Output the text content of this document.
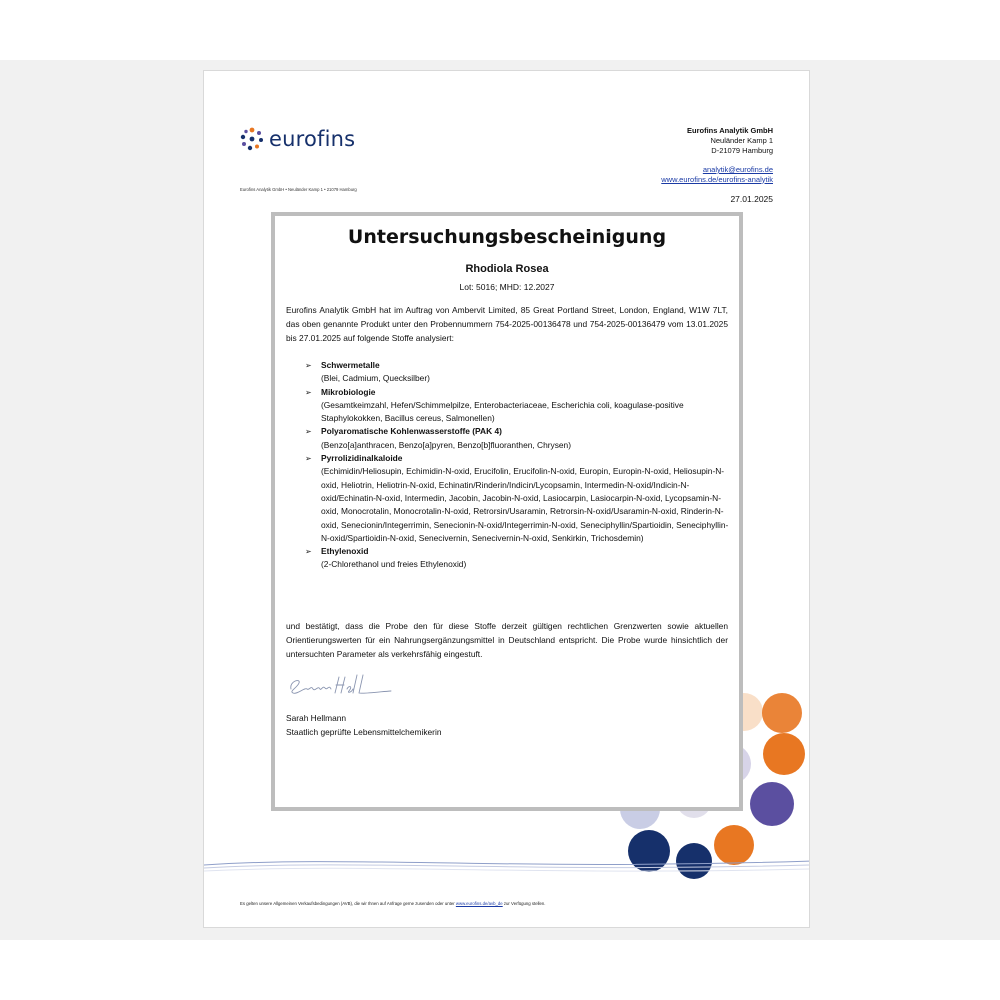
eurofins	Eurofins Analytik GmbH
Neuländer Kamp 1
D-21079 Hamburg
analytik@eurofins.de
www.eurofins.de/eurofins-analytik
Eurofins Analytik GmbH • Neuländer Kamp 1 • 21079 Hamburg
27.01.2025
Untersuchungsbescheinigung
Rhodiola Rosea
Lot: 5016; MHD: 12.2027

Eurofins Analytik GmbH hat im Auftrag von Ambervit Limited, 85 Great Portland Street, London, England, W1W 7LT, das oben genannte Produkt unter den Probennummern 754-2025-00136478 und 754-2025-00136479 vom 13.01.2025 bis 27.01.2025 auf folgende Stoffe analysiert:

➢ Schwermetalle
(Blei, Cadmium, Quecksilber)
➢ Mikrobiologie
(Gesamtkeimzahl, Hefen/Schimmelpilze, Enterobacteriaceae, Escherichia coli, koagulase-positive Staphylokokken, Bacillus cereus, Salmonellen)
➢ Polyaromatische Kohlenwasserstoffe (PAK 4)
(Benzo[a]anthracen, Benzo[a]pyren, Benzo[b]fluoranthen, Chrysen)
➢ Pyrrolizidinalkaloide
(Echimidin/Heliosupin, Echimidin-N-oxid, Erucifolin, Erucifolin-N-oxid, Europin, Europin-N-oxid, Heliosupin-N-oxid, Heliotrin, Heliotrin-N-oxid, Echinatin/Rinderin/Indicin/Lycopsamin, Intermedin-N-oxid/Indicin-N-oxid/Echinatin-N-oxid, Intermedin, Jacobin, Jacobin-N-oxid, Lasiocarpin, Lasiocarpin-N-oxid, Lycopsamin-N-oxid, Monocrotalin, Monocrotalin-N-oxid, Retrorsin/Usaramin, Retrorsin-N-oxid/Usaramin-N-oxid, Rinderin-N-oxid, Senecionin/Integerrimin, Senecionin-N-oxid/Integerrimin-N-oxid, Seneciphyllin/Spartioidin, Seneciphyllin-N-oxid/Spartioidin-N-oxid, Senecivernin, Senecivernin-N-oxid, Senkirkin, Trichosdemin)
➢ Ethylenoxid
(2-Chlorethanol und freies Ethylenoxid)

und bestätigt, dass die Probe den für diese Stoffe derzeit gültigen rechtlichen Grenzwerten sowie aktuellen Orientierungswerten für ein Nahrungsergänzungsmittel in Deutschland entspricht. Die Probe wurde hinsichtlich der untersuchten Parameter als verkehrsfähig eingestuft.

Sarah Hellmann
Staatlich geprüfte Lebensmittelchemikerin
Es gelten unsere Allgemeinen Verkaufsbedingungen (AVB), die wir Ihnen auf Anfrage gerne zusenden oder unter www.eurofins.de/avb_de zur Verfügung stellen.
